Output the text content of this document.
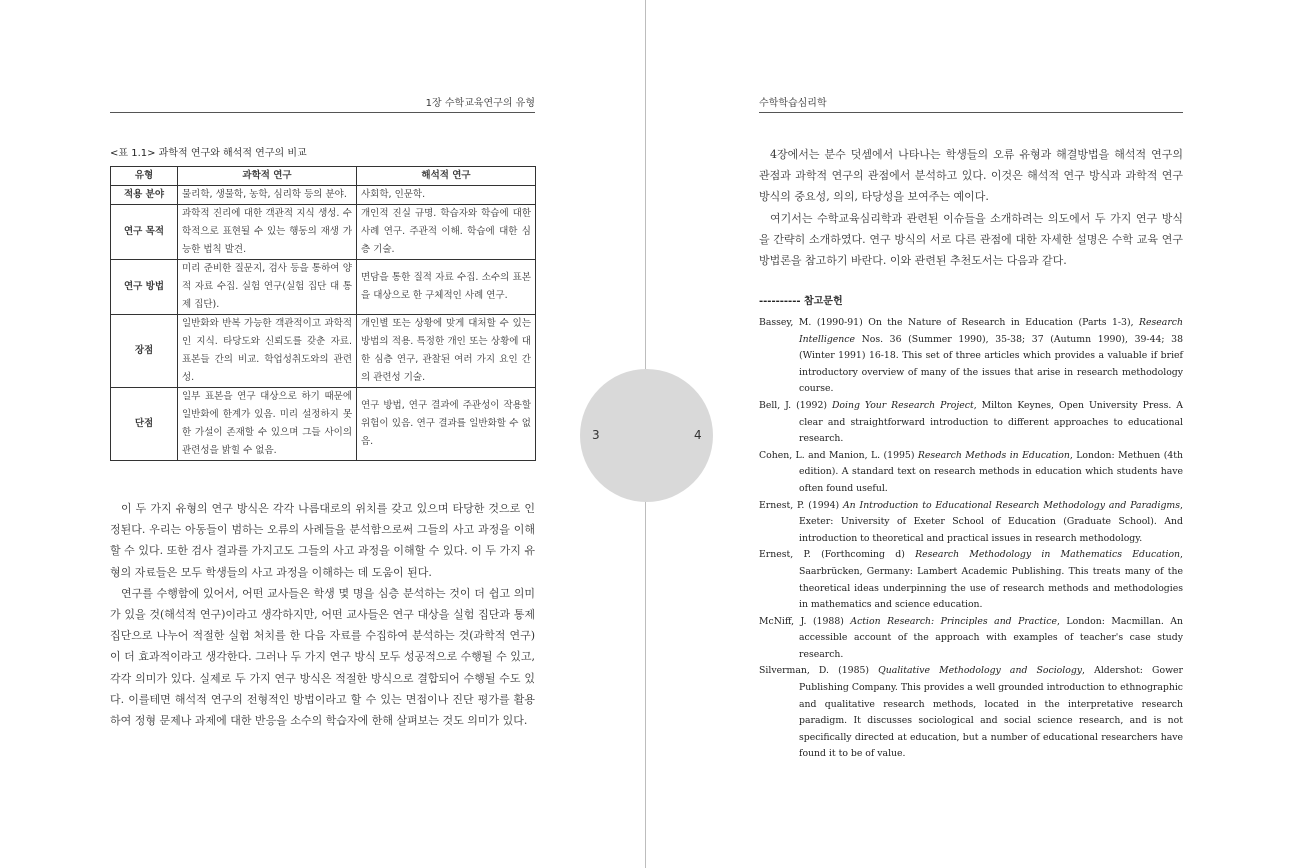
1장 수학교육연구의 유형
<표 1.1> 과학적 연구와 해석적 연구의 비교
유형	과학적 연구	해석적 연구
적용 분야	물리학, 생물학, 농학, 심리학 등의 분야.	사회학, 인문학.
연구 목적	과학적 진리에 대한 객관적 지식 생성. 수학적으로 표현될 수 있는 행동의 재생 가능한 법칙 발견.	개인적 진실 규명. 학습자와 학습에 대한 사례 연구. 주관적 이해. 학습에 대한 심층 기술.
연구 방법	미리 준비한 질문지, 검사 등을 통하여 양적 자료 수집. 실험 연구(실험 집단 대 통제 집단).	면담을 통한 질적 자료 수집. 소수의 표본을 대상으로 한 구체적인 사례 연구.
장점	일반화와 반복 가능한 객관적이고 과학적인 지식. 타당도와 신뢰도를 갖춘 자료. 표본들 간의 비교. 학업성취도와의 관련성.	개인별 또는 상황에 맞게 대처할 수 있는 방법의 적용. 특정한 개인 또는 상황에 대한 심층 연구, 관찰된 여러 가지 요인 간의 관련성 기술.
단점	일부 표본을 연구 대상으로 하기 때문에 일반화에 한계가 있음. 미리 설정하지 못한 가설이 존재할 수 있으며 그들 사이의 관련성을 밝힐 수 없음.	연구 방법, 연구 결과에 주관성이 작용할 위험이 있음. 연구 결과를 일반화할 수 없음.

이 두 가지 유형의 연구 방식은 각각 나름대로의 위치를 갖고 있으며 타당한 것으로 인정된다. 우리는 아동들이 범하는 오류의 사례들을 분석함으로써 그들의 사고 과정을 이해할 수 있다. 또한 검사 결과를 가지고도 그들의 사고 과정을 이해할 수 있다. 이 두 가지 유형의 자료들은 모두 학생들의 사고 과정을 이해하는 데 도움이 된다.

연구를 수행함에 있어서, 어떤 교사들은 학생 몇 명을 심층 분석하는 것이 더 쉽고 의미가 있을 것(해석적 연구)이라고 생각하지만, 어떤 교사들은 연구 대상을 실험 집단과 통제 집단으로 나누어 적절한 실험 처치를 한 다음 자료를 수집하여 분석하는 것(과학적 연구)이 더 효과적이라고 생각한다. 그러나 두 가지 연구 방식 모두 성공적으로 수행될 수 있고, 각각 의미가 있다. 실제로 두 가지 연구 방식은 적절한 방식으로 결합되어 수행될 수도 있다. 이를테면 해석적 연구의 전형적인 방법이라고 할 수 있는 면접이나 진단 평가를 활용하여 정형 문제나 과제에 대한 반응을 소수의 학습자에 한해 살펴보는 것도 의미가 있다.

수학학습심리학

4장에서는 분수 덧셈에서 나타나는 학생들의 오류 유형과 해결방법을 해석적 연구의 관점과 과학적 연구의 관점에서 분석하고 있다. 이것은 해석적 연구 방식과 과학적 연구 방식의 중요성, 의의, 타당성을 보여주는 예이다.

여기서는 수학교육심리학과 관련된 이슈들을 소개하려는 의도에서 두 가지 연구 방식을 간략히 소개하였다. 연구 방식의 서로 다른 관점에 대한 자세한 설명은 수학 교육 연구방법론을 참고하기 바란다. 이와 관련된 추천도서는 다음과 같다.

---------- 참고문헌

Bassey, M. (1990-91) On the Nature of Research in Education (Parts 1-3), Research Intelligence Nos. 36 (Summer 1990), 35-38; 37 (Autumn 1990), 39-44; 38 (Winter 1991) 16-18. This set of three articles which provides a valuable if brief introductory overview of many of the issues that arise in research methodology course.

Bell, J. (1992) Doing Your Research Project, Milton Keynes, Open University Press. A clear and straightforward introduction to different approaches to educational research.

Cohen, L. and Manion, L. (1995) Research Methods in Education, London: Methuen (4th edition). A standard text on research methods in education which students have often found useful.

Ernest, P. (1994) An Introduction to Educational Research Methodology and Paradigms, Exeter: University of Exeter School of Education (Graduate School). And introduction to theoretical and practical issues in research methodology.

Ernest, P. (Forthcoming d) Research Methodology in Mathematics Education, Saarbrücken, Germany: Lambert Academic Publishing. This treats many of the theoretical ideas underpinning the use of research methods and methodologies in mathematics and science education.

McNiff, J. (1988) Action Research: Principles and Practice, London: Macmillan. An accessible account of the approach with examples of teacher's case study research.

Silverman, D. (1985) Qualitative Methodology and Sociology, Aldershot: Gower Publishing Company. This provides a well grounded introduction to ethnographic and qualitative research methods, located in the interpretative research paradigm. It discusses sociological and social science research, and is not specifically directed at education, but a number of educational researchers have found it to be of value.

3	4
